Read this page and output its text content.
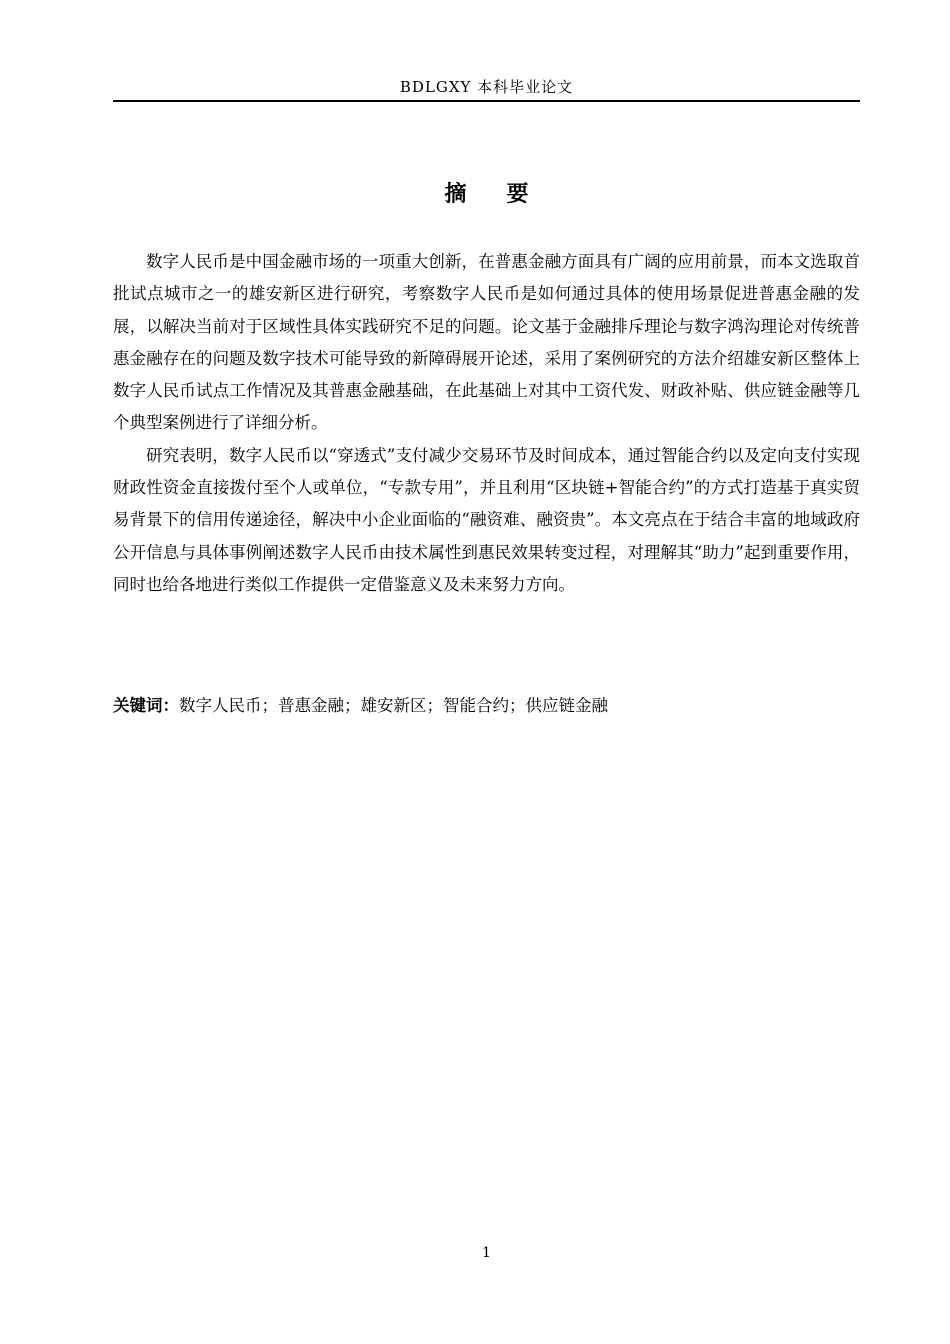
BDLGXY 本科毕业论文
摘要

数字人民币是中国金融市场的一项重大创新，在普惠金融方面具有广阔的应用前景，而本文选取首批试点城市之一的雄安新区进行研究，考察数字人民币是如何通过具体的使用场景促进普惠金融的发展，以解决当前对于区域性具体实践研究不足的问题。论文基于金融排斥理论与数字鸿沟理论对传统普惠金融存在的问题及数字技术可能导致的新障碍展开论述，采用了案例研究的方法介绍雄安新区整体上数字人民币试点工作情况及其普惠金融基础，在此基础上对其中工资代发、财政补贴、供应链金融等几个典型案例进行了详细分析。

研究表明，数字人民币以“穿透式”支付减少交易环节及时间成本，通过智能合约以及定向支付实现财政性资金直接拨付至个人或单位，“专款专用”，并且利用“区块链+智能合约”的方式打造基于真实贸易背景下的信用传递途径，解决中小企业面临的“融资难、融资贵”。本文亮点在于结合丰富的地域政府公开信息与具体事例阐述数字人民币由技术属性到惠民效果转变过程，对理解其“助力”起到重要作用，同时也给各地进行类似工作提供一定借鉴意义及未来努力方向。

关键词：数字人民币；普惠金融；雄安新区；智能合约；供应链金融
1
